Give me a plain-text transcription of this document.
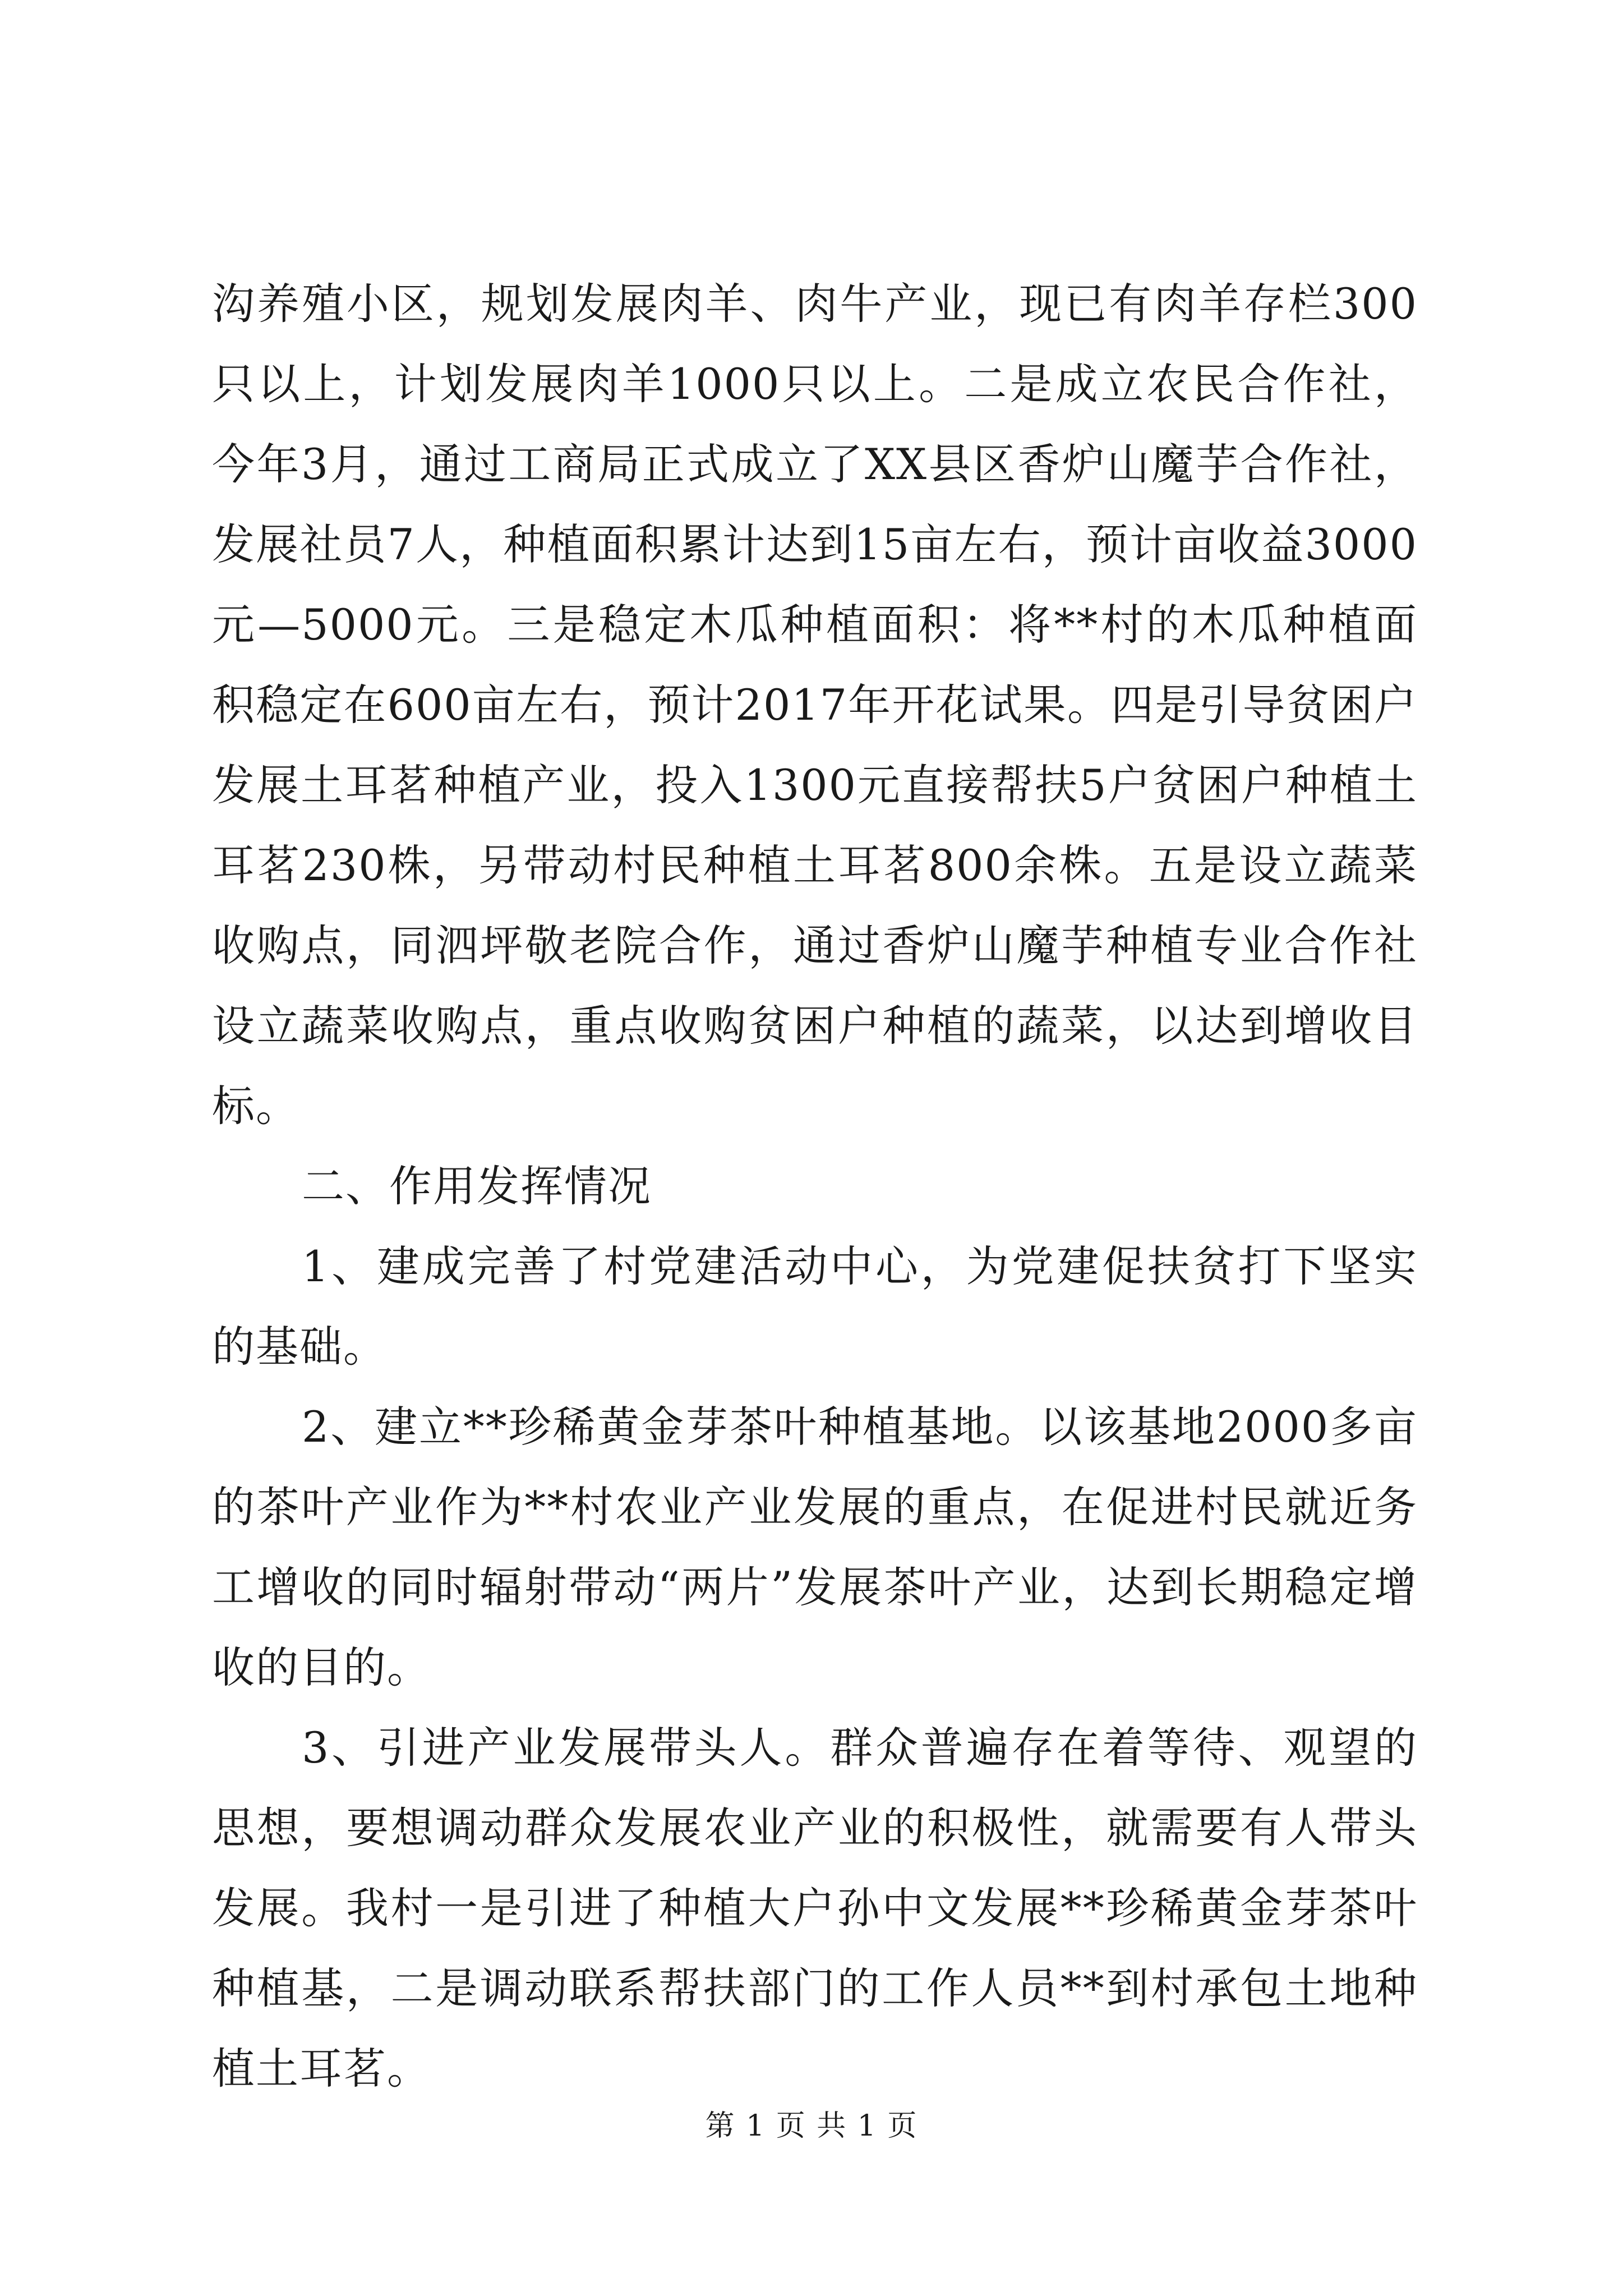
沟养殖小区，规划发展肉羊、肉牛产业，现已有肉羊存栏300只以上，计划发展肉羊1000只以上。二是成立农民合作社，今年3月，通过工商局正式成立了XX县区香炉山魔芋合作社，发展社员7人，种植面积累计达到15亩左右，预计亩收益3000元—5000元。三是稳定木瓜种植面积：将**村的木瓜种植面积稳定在600亩左右，预计2017年开花试果。四是引导贫困户发展土耳茗种植产业，投入1300元直接帮扶5户贫困户种植土耳茗230株，另带动村民种植土耳茗800余株。五是设立蔬菜收购点，同泗坪敬老院合作，通过香炉山魔芋种植专业合作社设立蔬菜收购点，重点收购贫困户种植的蔬菜，以达到增收目标。

二、作用发挥情况

1、建成完善了村党建活动中心，为党建促扶贫打下坚实的基础。

2、建立**珍稀黄金芽茶叶种植基地。以该基地2000多亩的茶叶产业作为**村农业产业发展的重点，在促进村民就近务工增收的同时辐射带动“两片”发展茶叶产业，达到长期稳定增收的目的。

3、引进产业发展带头人。群众普遍存在着等待、观望的思想，要想调动群众发展农业产业的积极性，就需要有人带头发展。我村一是引进了种植大户孙中文发展**珍稀黄金芽茶叶种植基，二是调动联系帮扶部门的工作人员**到村承包土地种植土耳茗。

第 1 页 共 1 页
